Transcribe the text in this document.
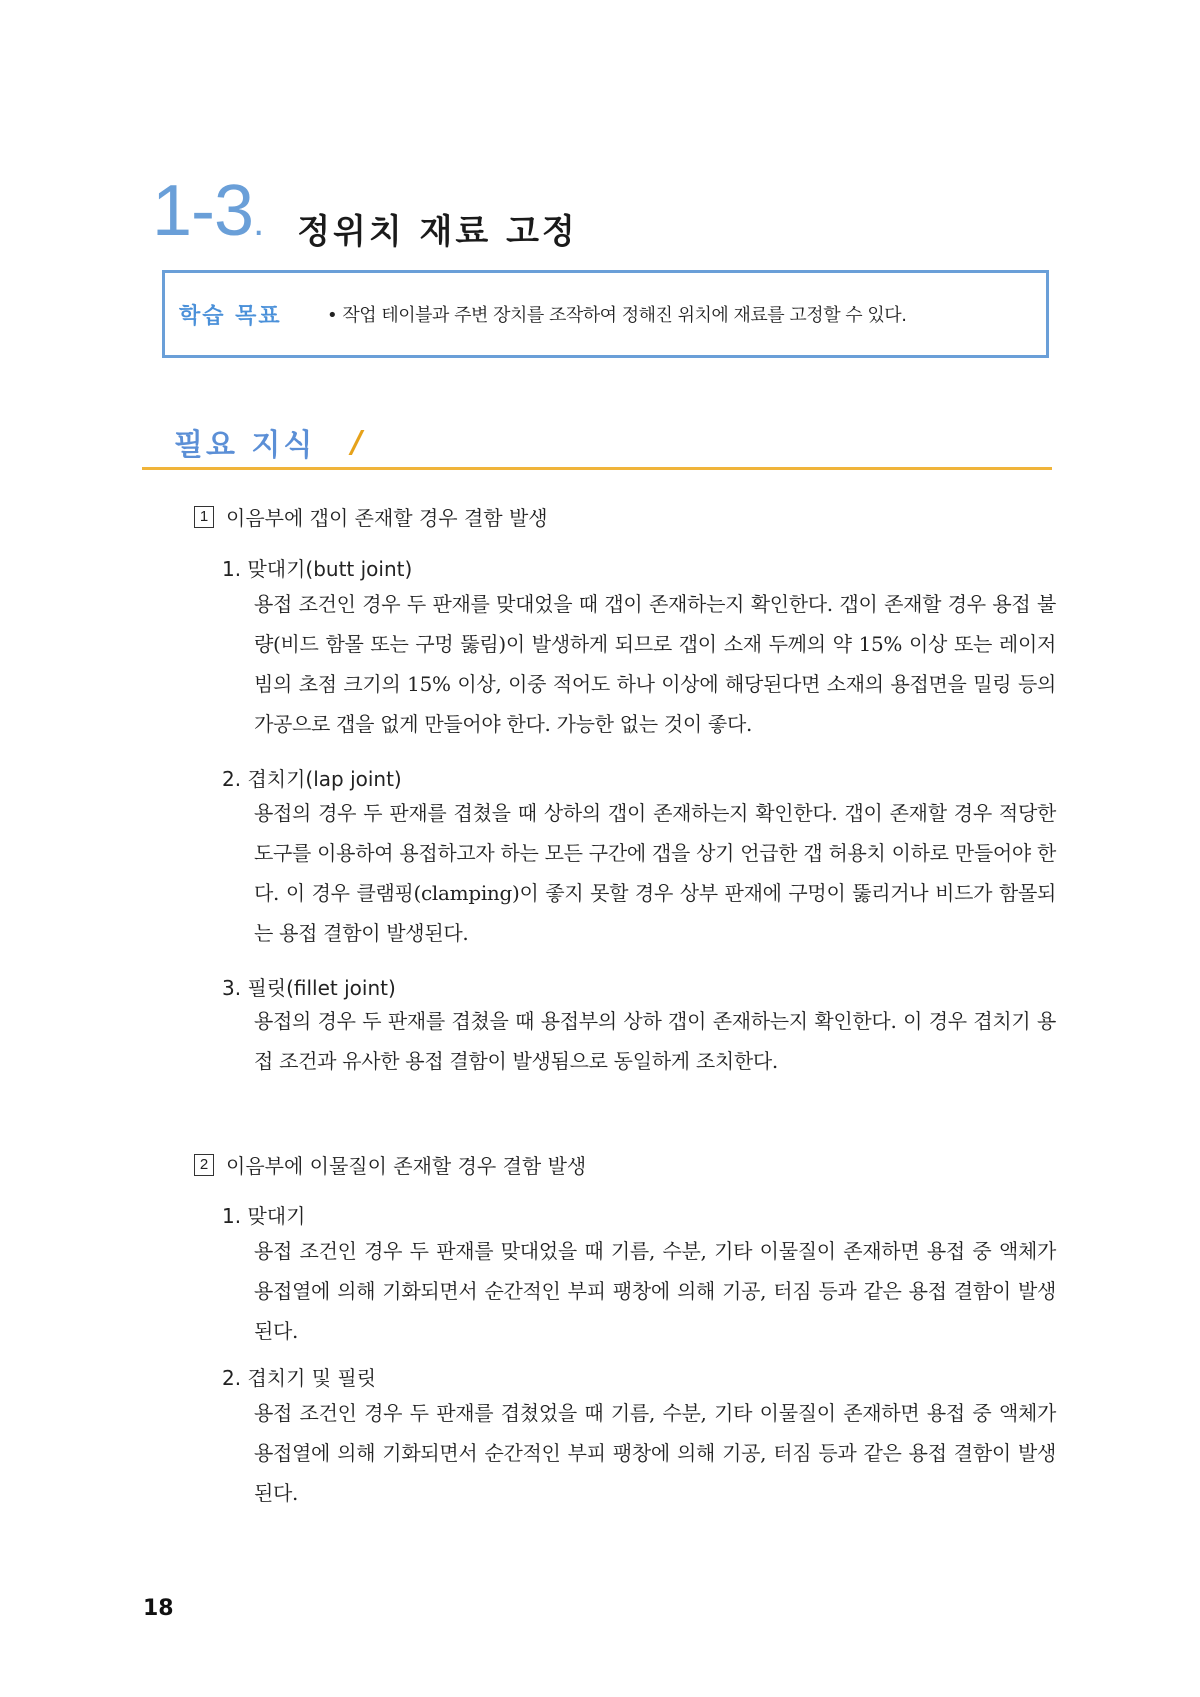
1-3. 정위치 재료 고정
학습 목표	• 작업 테이블과 주변 장치를 조작하여 정해진 위치에 재료를 고정할 수 있다.
필요 지식 /
1 이음부에 갭이 존재할 경우 결함 발생
1. 맞대기(butt joint)
용접 조건인 경우 두 판재를 맞대었을 때 갭이 존재하는지 확인한다. 갭이 존재할 경우 용접 불량(비드 함몰 또는 구멍 뚫림)이 발생하게 되므로 갭이 소재 두께의 약 15% 이상 또는 레이저 빔의 초점 크기의 15% 이상, 이중 적어도 하나 이상에 해당된다면 소재의 용접면을 밀링 등의 가공으로 갭을 없게 만들어야 한다. 가능한 없는 것이 좋다.
2. 겹치기(lap joint)
용접의 경우 두 판재를 겹쳤을 때 상하의 갭이 존재하는지 확인한다. 갭이 존재할 경우 적당한 도구를 이용하여 용접하고자 하는 모든 구간에 갭을 상기 언급한 갭 허용치 이하로 만들어야 한다. 이 경우 클램핑(clamping)이 좋지 못할 경우 상부 판재에 구멍이 뚫리거나 비드가 함몰되는 용접 결함이 발생된다.
3. 필릿(fillet joint)
용접의 경우 두 판재를 겹쳤을 때 용접부의 상하 갭이 존재하는지 확인한다. 이 경우 겹치기 용접 조건과 유사한 용접 결함이 발생됨으로 동일하게 조치한다.
2 이음부에 이물질이 존재할 경우 결함 발생
1. 맞대기
용접 조건인 경우 두 판재를 맞대었을 때 기름, 수분, 기타 이물질이 존재하면 용접 중 액체가 용접열에 의해 기화되면서 순간적인 부피 팽창에 의해 기공, 터짐 등과 같은 용접 결함이 발생된다.
2. 겹치기 및 필릿
용접 조건인 경우 두 판재를 겹쳤었을 때 기름, 수분, 기타 이물질이 존재하면 용접 중 액체가 용접열에 의해 기화되면서 순간적인 부피 팽창에 의해 기공, 터짐 등과 같은 용접 결함이 발생된다.
18
